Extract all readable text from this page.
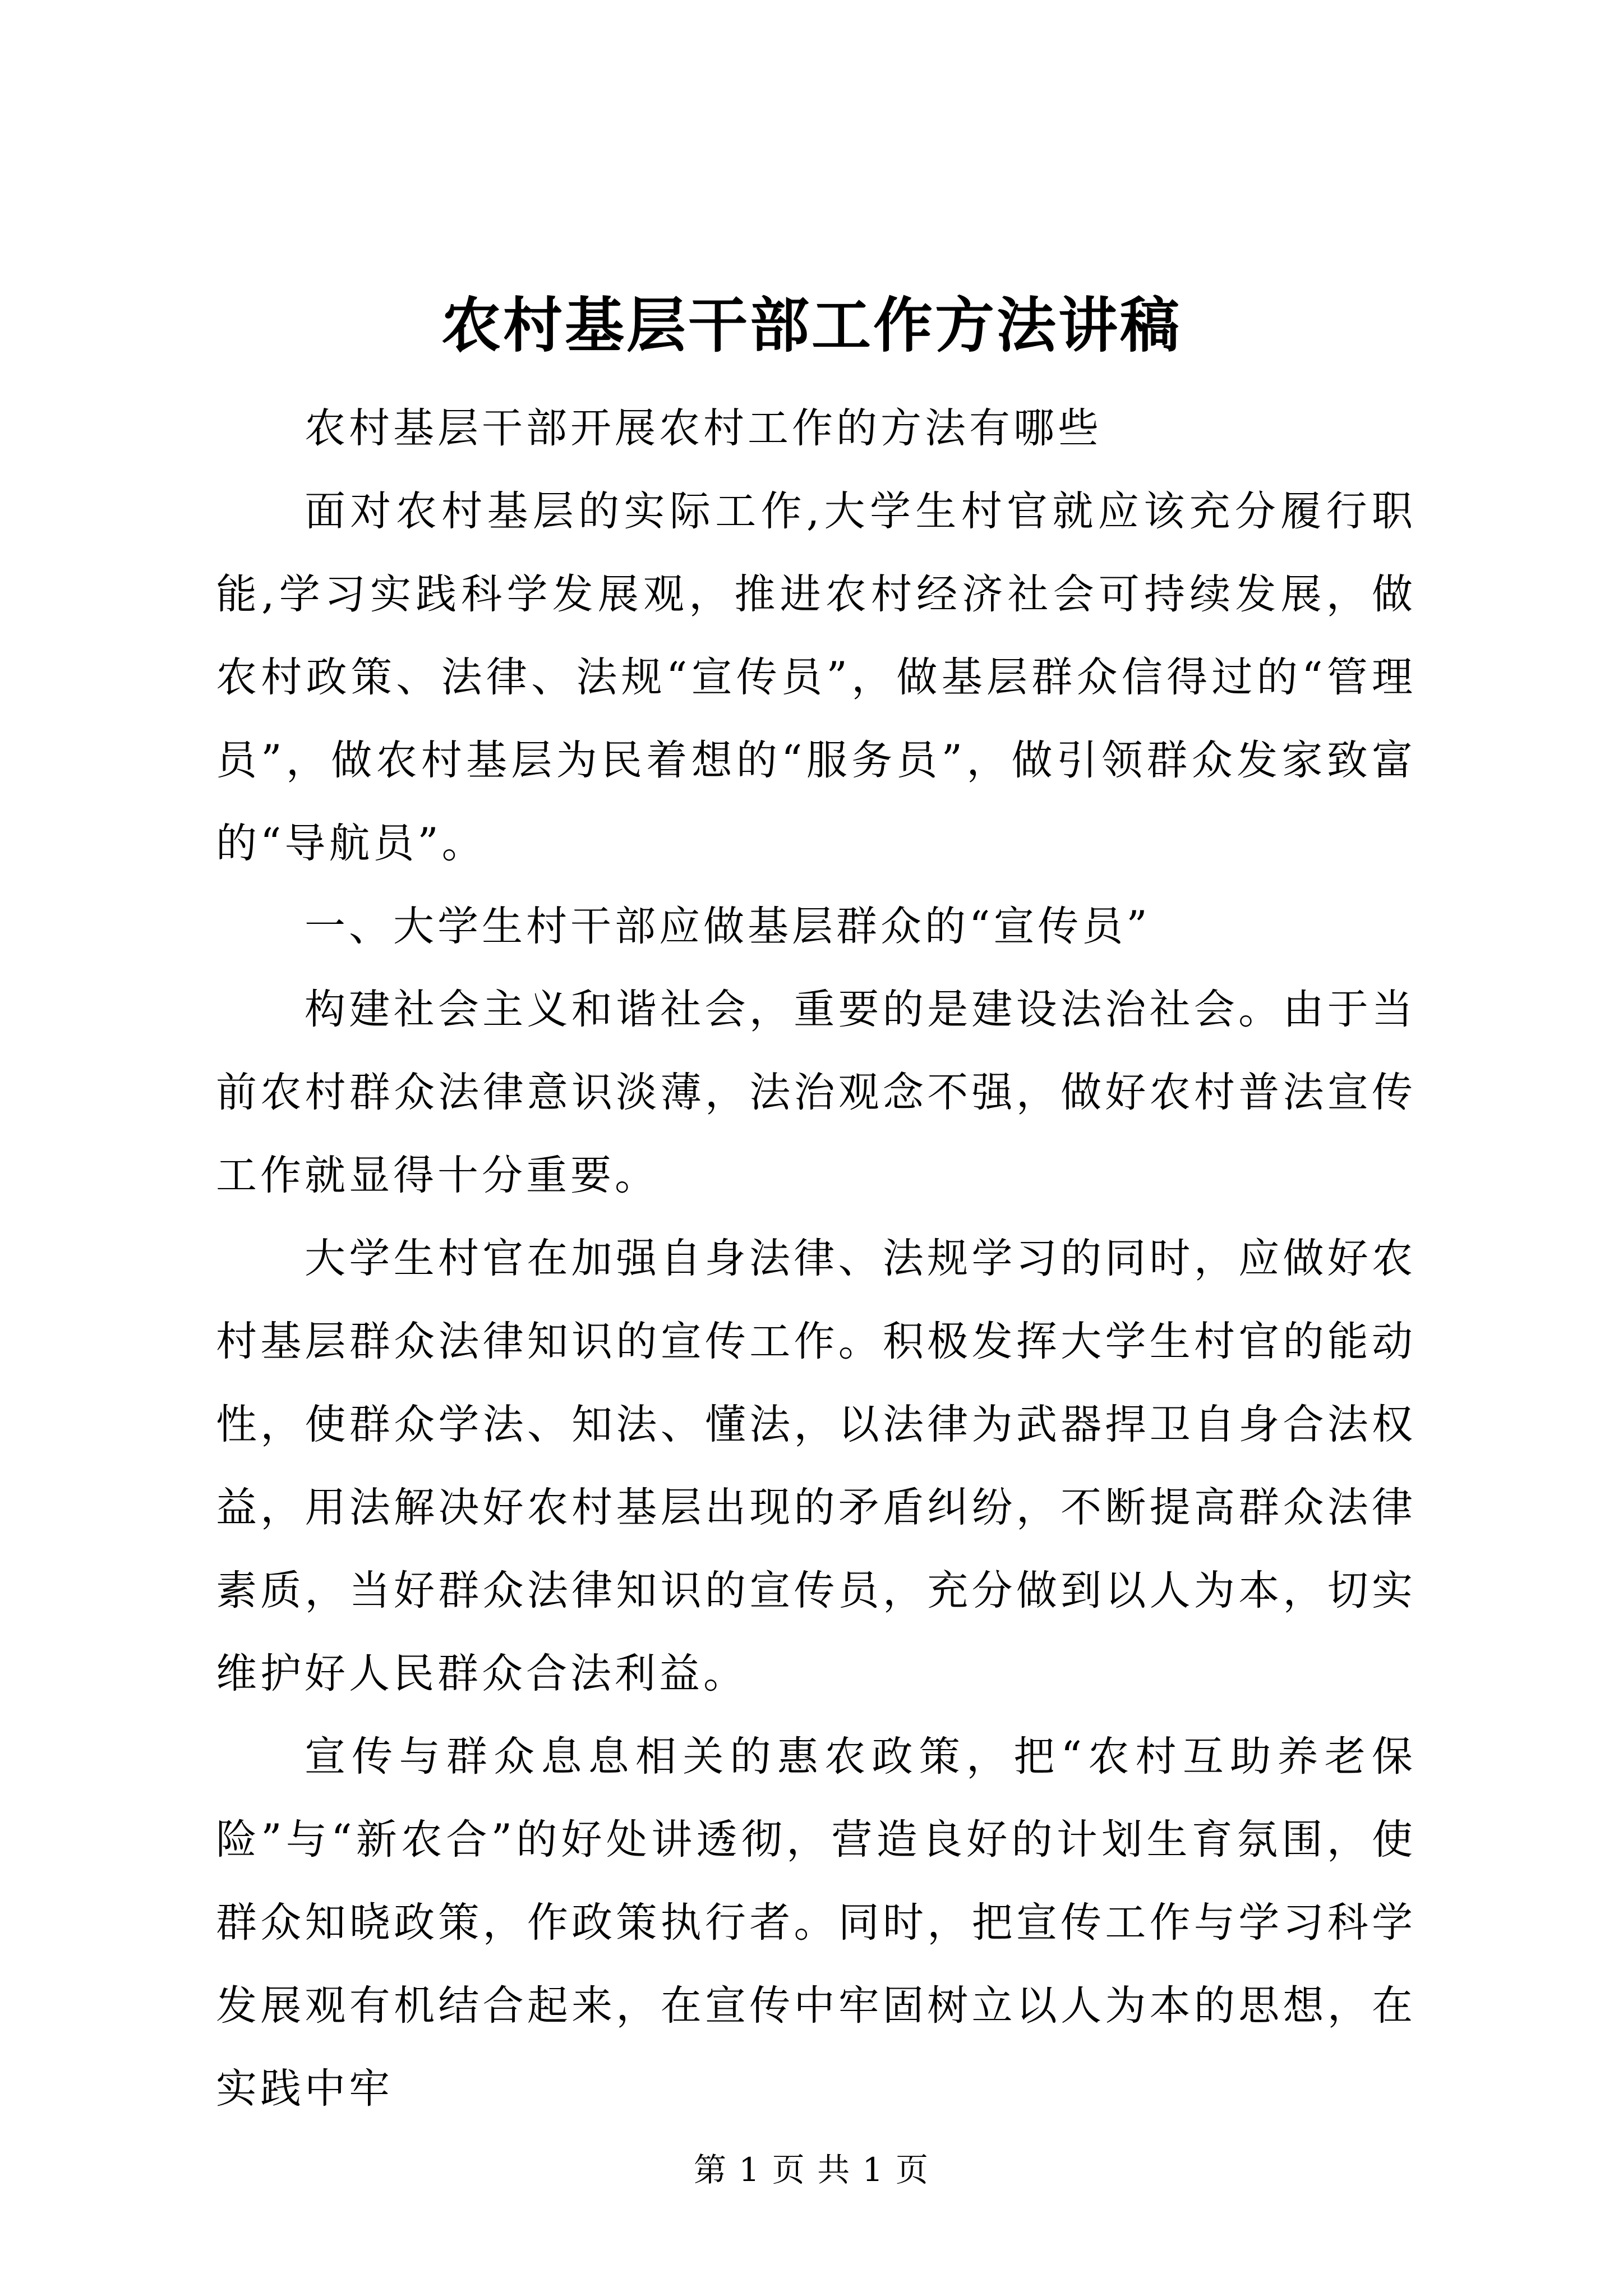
农村基层干部工作方法讲稿

农村基层干部开展农村工作的方法有哪些

面对农村基层的实际工作,大学生村官就应该充分履行职能,学习实践科学发展观，推进农村经济社会可持续发展，做农村政策、法律、法规“宣传员”，做基层群众信得过的“管理员”，做农村基层为民着想的“服务员”，做引领群众发家致富的“导航员”。

一、大学生村干部应做基层群众的“宣传员”

构建社会主义和谐社会，重要的是建设法治社会。由于当前农村群众法律意识淡薄，法治观念不强，做好农村普法宣传工作就显得十分重要。

大学生村官在加强自身法律、法规学习的同时，应做好农村基层群众法律知识的宣传工作。积极发挥大学生村官的能动性，使群众学法、知法、懂法，以法律为武器捍卫自身合法权益，用法解决好农村基层出现的矛盾纠纷，不断提高群众法律素质，当好群众法律知识的宣传员，充分做到以人为本，切实维护好人民群众合法利益。

宣传与群众息息相关的惠农政策，把“农村互助养老保险”与“新农合”的好处讲透彻，营造良好的计划生育氛围，使群众知晓政策，作政策执行者。同时，把宣传工作与学习科学发展观有机结合起来，在宣传中牢固树立以人为本的思想，在实践中牢

第 1 页 共 1 页
